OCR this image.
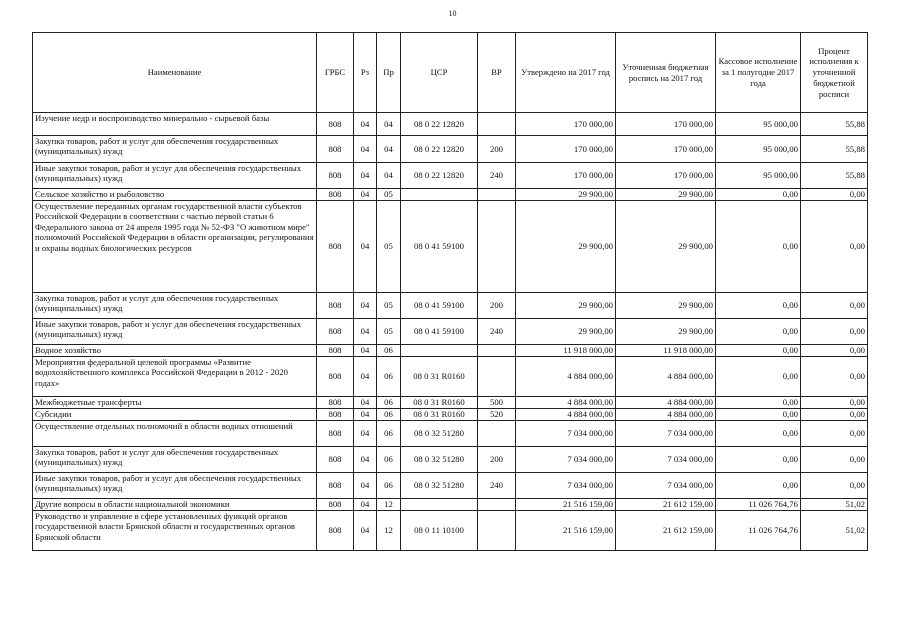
10
Наименование	ГРБС	Рз	Пр	ЦСР	ВР	Утверждено на 2017 год	Уточненная бюджетная роспись на 2017 год	Кассовое исполнение за 1 полугодие 2017 года	Процент исполнения к уточненной бюджетной росписи
Изучение недр и воспроизводство минерально - сырьевой базы	808	04	04	08 0 22 12820		170 000,00	170 000,00	95 000,00	55,88
Закупка товаров, работ и услуг для обеспечения государственных (муниципальных) нужд	808	04	04	08 0 22 12820	200	170 000,00	170 000,00	95 000,00	55,88
Иные закупки товаров, работ и услуг для обеспечения государственных (муниципальных) нужд	808	04	04	08 0 22 12820	240	170 000,00	170 000,00	95 000,00	55,88
Сельское хозяйство и рыболовство	808	04	05			29 900,00	29 900,00	0,00	0,00
Осуществление переданных органам государственной власти субъектов Российской Федерации в соответствии с частью первой статьи 6 Федерального закона от 24 апреля 1995 года № 52-ФЗ "О животном мире" полномочий Российской Федерации в области организации, регулирования и охраны водных биологических ресурсов	808	04	05	08 0 41 59100		29 900,00	29 900,00	0,00	0,00
Закупка товаров, работ и услуг для обеспечения государственных (муниципальных) нужд	808	04	05	08 0 41 59100	200	29 900,00	29 900,00	0,00	0,00
Иные закупки товаров, работ и услуг для обеспечения государственных (муниципальных) нужд	808	04	05	08 0 41 59100	240	29 900,00	29 900,00	0,00	0,00
Водное хозяйство	808	04	06			11 918 000,00	11 918 000,00	0,00	0,00
Мероприятия федеральной целевой программы «Развитие водохозяйственного комплекса Российской Федерации в 2012 - 2020 годах»	808	04	06	08 0 31 R0160		4 884 000,00	4 884 000,00	0,00	0,00
Межбюджетные трансферты	808	04	06	08 0 31 R0160	500	4 884 000,00	4 884 000,00	0,00	0,00
Субсидии	808	04	06	08 0 31 R0160	520	4 884 000,00	4 884 000,00	0,00	0,00
Осуществление отдельных полномочий в области водных отношений	808	04	06	08 0 32 51280		7 034 000,00	7 034 000,00	0,00	0,00
Закупка товаров, работ и услуг для обеспечения государственных (муниципальных) нужд	808	04	06	08 0 32 51280	200	7 034 000,00	7 034 000,00	0,00	0,00
Иные закупки товаров, работ и услуг для обеспечения государственных (муниципальных) нужд	808	04	06	08 0 32 51280	240	7 034 000,00	7 034 000,00	0,00	0,00
Другие вопросы в области национальной экономики	808	04	12			21 516 159,00	21 612 159,00	11 026 764,76	51,02
Руководство и управление в сфере установленных функций органов государственной власти Брянской области и государственных органов Брянской области	808	04	12	08 0 11 10100		21 516 159,00	21 612 159,00	11 026 764,76	51,02
